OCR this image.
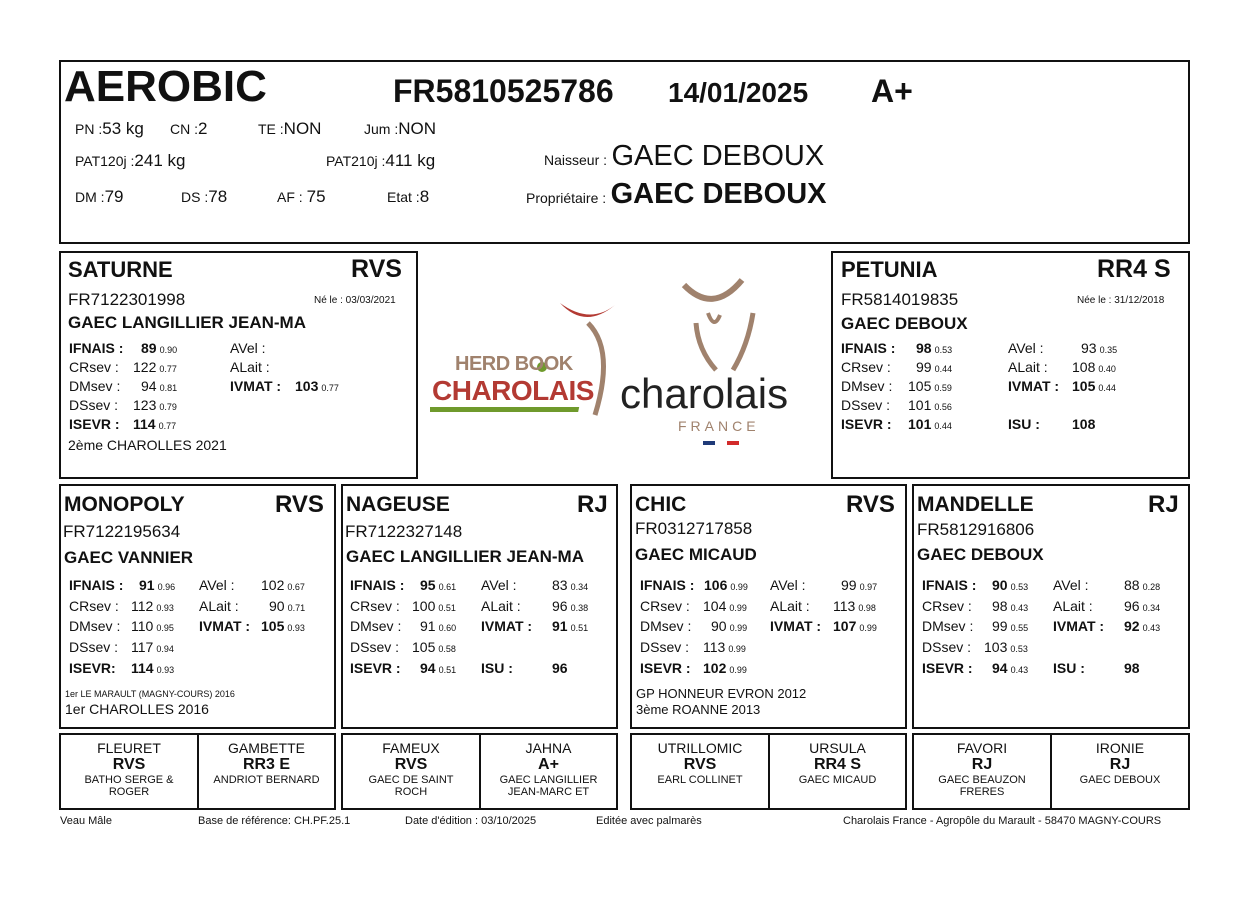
AEROBIC	FR5810525786 14/01/2025 A+
PN :53 kg CN :2	TE :NON	Jum :NON
PAT120j :241 kg	PAT210j :411 kg
DM :79	DS :78	AF : 75	Etat :8
Naisseur : GAEC DEBOUX
Propriétaire : GAEC DEBOUX
SATURNE	RVS
FR7122301998	Né le : 03/03/2021
GAEC LANGILLIER JEAN-MA
IFNAIS : 89 0.90
CRsev : 122 0.77
DMsev : 94 0.81
DSsev : 123 0.79
ISEVR : 114 0.77
AVel :
ALait :
IVMAT : 103 0.77
2ème CHAROLLES 2021
HERD BOOK
CHAROLAIS charolais
FRANCE
PETUNIA	RR4 S
FR5814019835	Née le : 31/12/2018
GAEC DEBOUX
IFNAIS : 98 0.53
CRsev : 99 0.44
DMsev : 105 0.59
DSsev : 101 0.56
ISEVR : 101 0.44
AVel :	93 0.35
ALait : 108 0.40
IVMAT : 105 0.44
ISU : 108
MONOPOLY	RVS
FR7122195634
GAEC VANNIER
IFNAIS : 91 0.96
CRsev : 112 0.93
DMsev : 110 0.95
DSsev : 117 0.94
ISEVR: 114 0.93
AVel : 102 0.67
ALait : 90 0.71
IVMAT : 105 0.93
1er LE MARAULT (MAGNY-COURS) 2016
1er CHAROLLES 2016
NAGEUSE	RJ
FR7122327148
GAEC LANGILLIER JEAN-MA
IFNAIS : 95 0.61
CRsev : 100 0.51
DMsev : 91 0.60
DSsev : 105 0.58
ISEVR : 94 0.51
AVel :	83 0.34
ALait : 96 0.38
IVMAT : 91 0.51
ISU :	96
CHIC	RVS
FR0312717858
GAEC MICAUD
IFNAIS : 106 0.99
CRsev : 104 0.99
DMsev : 90 0.99
DSsev : 113 0.99
ISEVR : 102 0.99
AVel :	99 0.97
ALait : 113 0.98
IVMAT : 107 0.99
GP HONNEUR EVRON 2012
3ème ROANNE 2013
MANDELLE	RJ
FR5812916806
GAEC DEBOUX
IFNAIS : 90 0.53
CRsev : 98 0.43
DMsev : 99 0.55
DSsev : 103 0.53
ISEVR : 94 0.43
AVel :	88 0.28
ALait : 96 0.34
IVMAT : 92 0.43
ISU :	98
FLEURET
RVS
BATHO SERGE &
ROGER
GAMBETTE
RR3 E
ANDRIOT BERNARD
FAMEUX
RVS
GAEC DE SAINT
ROCH
JAHNA
A+
GAEC LANGILLIER
JEAN-MARC ET
UTRILLOMIC
RVS
EARL COLLINET
URSULA
RR4 S
GAEC MICAUD
FAVORI
RJ
GAEC BEAUZON
FRERES
IRONIE
RJ
GAEC DEBOUX
Veau Mâle	Base de référence: CH.PF.25.1	Date d'édition : 03/10/2025	Editée avec palmarès	Charolais France - Agropôle du Marault - 58470 MAGNY-COURS
